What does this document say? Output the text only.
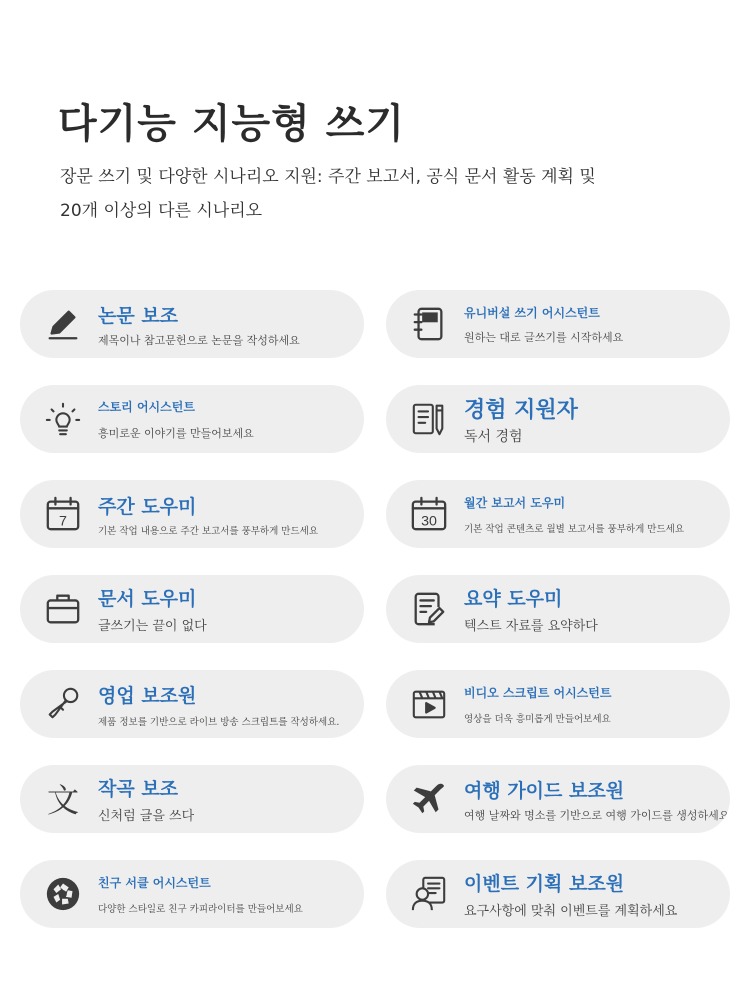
다기능 지능형 쓰기
장문 쓰기 및 다양한 시나리오 지원: 주간 보고서, 공식 문서 활동 계획 및
20개 이상의 다른 시나리오
논문 보조
제목이나 참고문헌으로 논문을 작성하세요
유니버설 쓰기 어시스턴트
원하는 대로 글쓰기를 시작하세요
스토리 어시스턴트
흥미로운 이야기를 만들어보세요
경험 지원자
독서 경험
7
주간 도우미
기본 작업 내용으로 주간 보고서를 풍부하게 만드세요
30
월간 보고서 도우미
기본 작업 콘텐츠로 월별 보고서를 풍부하게 만드세요
문서 도우미
글쓰기는 끝이 없다
요약 도우미
텍스트 자료를 요약하다
영업 보조원
제품 정보를 기반으로 라이브 방송 스크립트를 작성하세요.
비디오 스크립트 어시스턴트
영상을 더욱 흥미롭게 만들어보세요
文 작곡 보조
신처럼 글을 쓰다
여행 가이드 보조원
여행 날짜와 명소를 기반으로 여행 가이드를 생성하세요
친구 서클 어시스턴트
다양한 스타일로 친구 카피라이터를 만들어보세요
이벤트 기획 보조원
요구사항에 맞춰 이벤트를 계획하세요
